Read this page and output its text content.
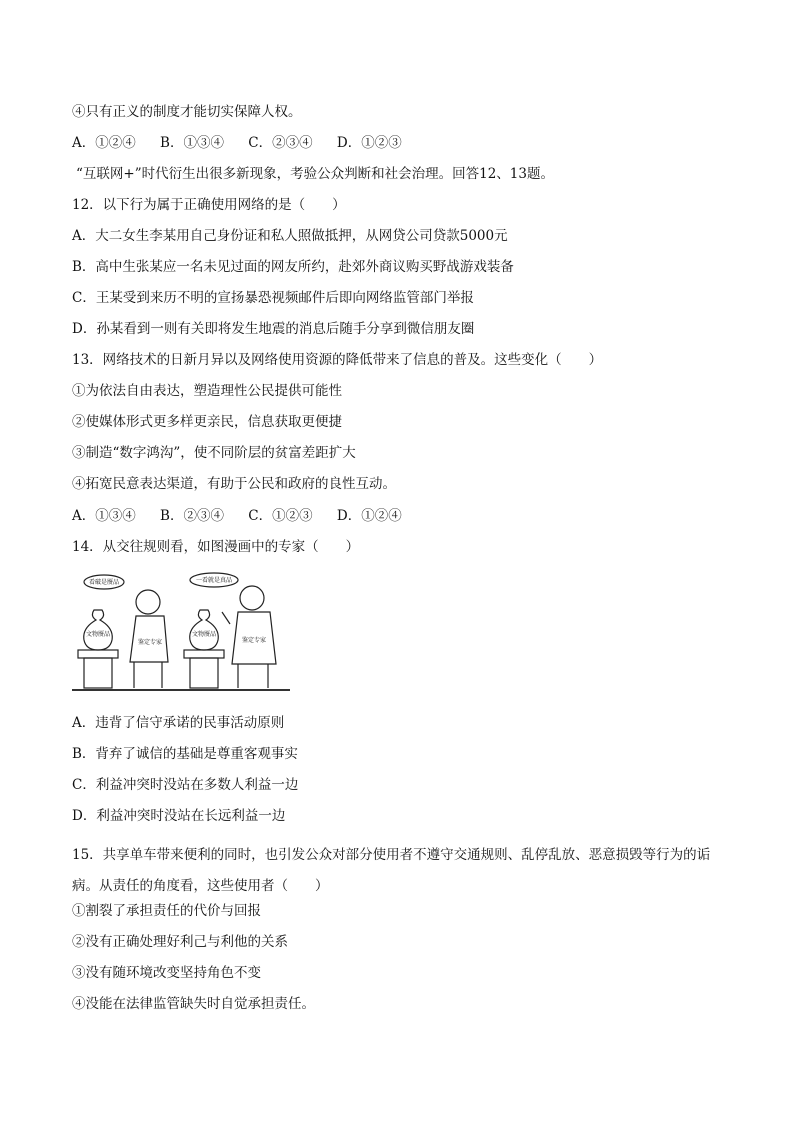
④只有正义的制度才能切实保障人权。
A．①②④ B．①③④ C．②③④ D．①②③
“互联网+”时代衍生出很多新现象，考验公众判断和社会治理。回答12、13题。
12．以下行为属于正确使用网络的是（　　）
A．大二女生李某用自己身份证和私人照做抵押，从网贷公司贷款5000元
B．高中生张某应一名未见过面的网友所约，赴郊外商议购买野战游戏装备
C．王某受到来历不明的宣扬暴恐视频邮件后即向网络监管部门举报
D．孙某看到一则有关即将发生地震的消息后随手分享到微信朋友圈
13．网络技术的日新月异以及网络使用资源的降低带来了信息的普及。这些变化（　　）
①为依法自由表达，塑造理性公民提供可能性
②使媒体形式更多样更亲民，信息获取更便捷
③制造“数字鸿沟”，使不同阶层的贫富差距扩大
④拓宽民意表达渠道，有助于公民和政府的良性互动。
A．①③④ B．②③④ C．①②③ D．①②④
14．从交往规则看，如图漫画中的专家（　　）
看破是赝品	一看就是真品
文物赝品	文物赝品
鉴定专家	鉴定专家
A．违背了信守承诺的民事活动原则
B．背弃了诚信的基础是尊重客观事实
C．利益冲突时没站在多数人利益一边
D．利益冲突时没站在长远利益一边
15．共享单车带来便利的同时，也引发公众对部分使用者不遵守交通规则、乱停乱放、恶意损毁等行为的诟病。从责任的角度看，这些使用者（　　）
①割裂了承担责任的代价与回报
②没有正确处理好利己与利他的关系
③没有随环境改变坚持角色不变
④没能在法律监管缺失时自觉承担责任。
